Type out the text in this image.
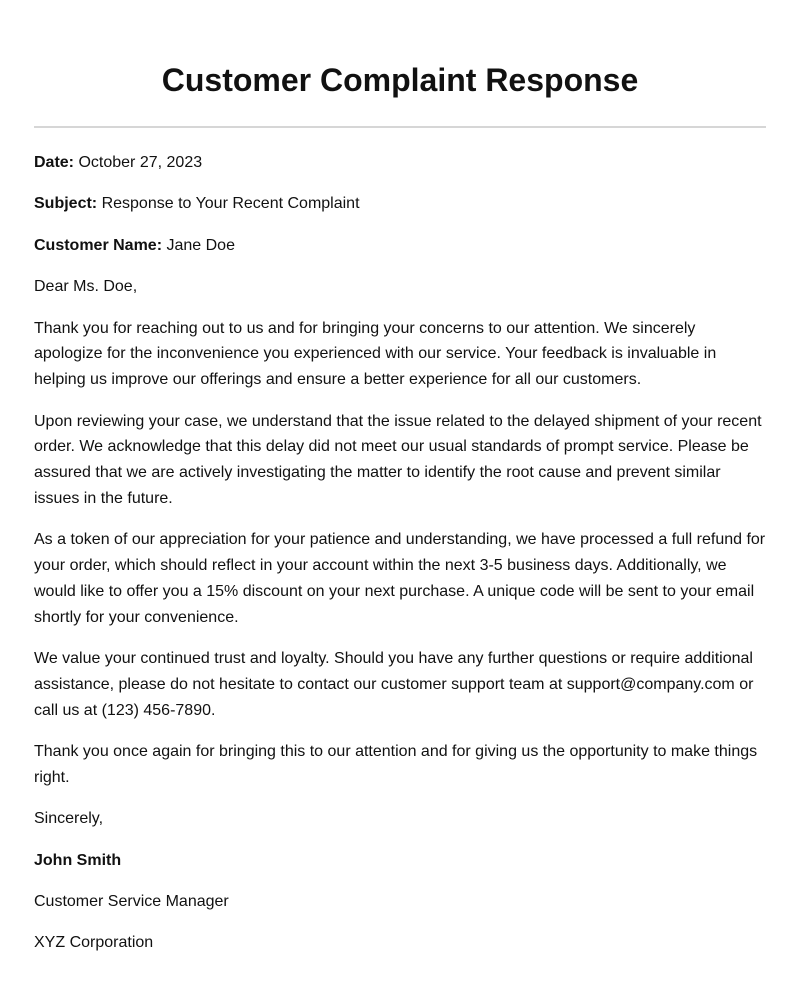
Customer Complaint Response

Date: October 27, 2023

Subject: Response to Your Recent Complaint

Customer Name: Jane Doe

Dear Ms. Doe,

Thank you for reaching out to us and for bringing your concerns to our attention. We sincerely apologize for the inconvenience you experienced with our service. Your feedback is invaluable in helping us improve our offerings and ensure a better experience for all our customers.

Upon reviewing your case, we understand that the issue related to the delayed shipment of your recent order. We acknowledge that this delay did not meet our usual standards of prompt service. Please be assured that we are actively investigating the matter to identify the root cause and prevent similar issues in the future.

As a token of our appreciation for your patience and understanding, we have processed a full refund for your order, which should reflect in your account within the next 3-5 business days. Additionally, we would like to offer you a 15% discount on your next purchase. A unique code will be sent to your email shortly for your convenience.

We value your continued trust and loyalty. Should you have any further questions or require additional assistance, please do not hesitate to contact our customer support team at support@company.com or call us at (123) 456-7890.

Thank you once again for bringing this to our attention and for giving us the opportunity to make things right.

Sincerely,

John Smith

Customer Service Manager

XYZ Corporation
